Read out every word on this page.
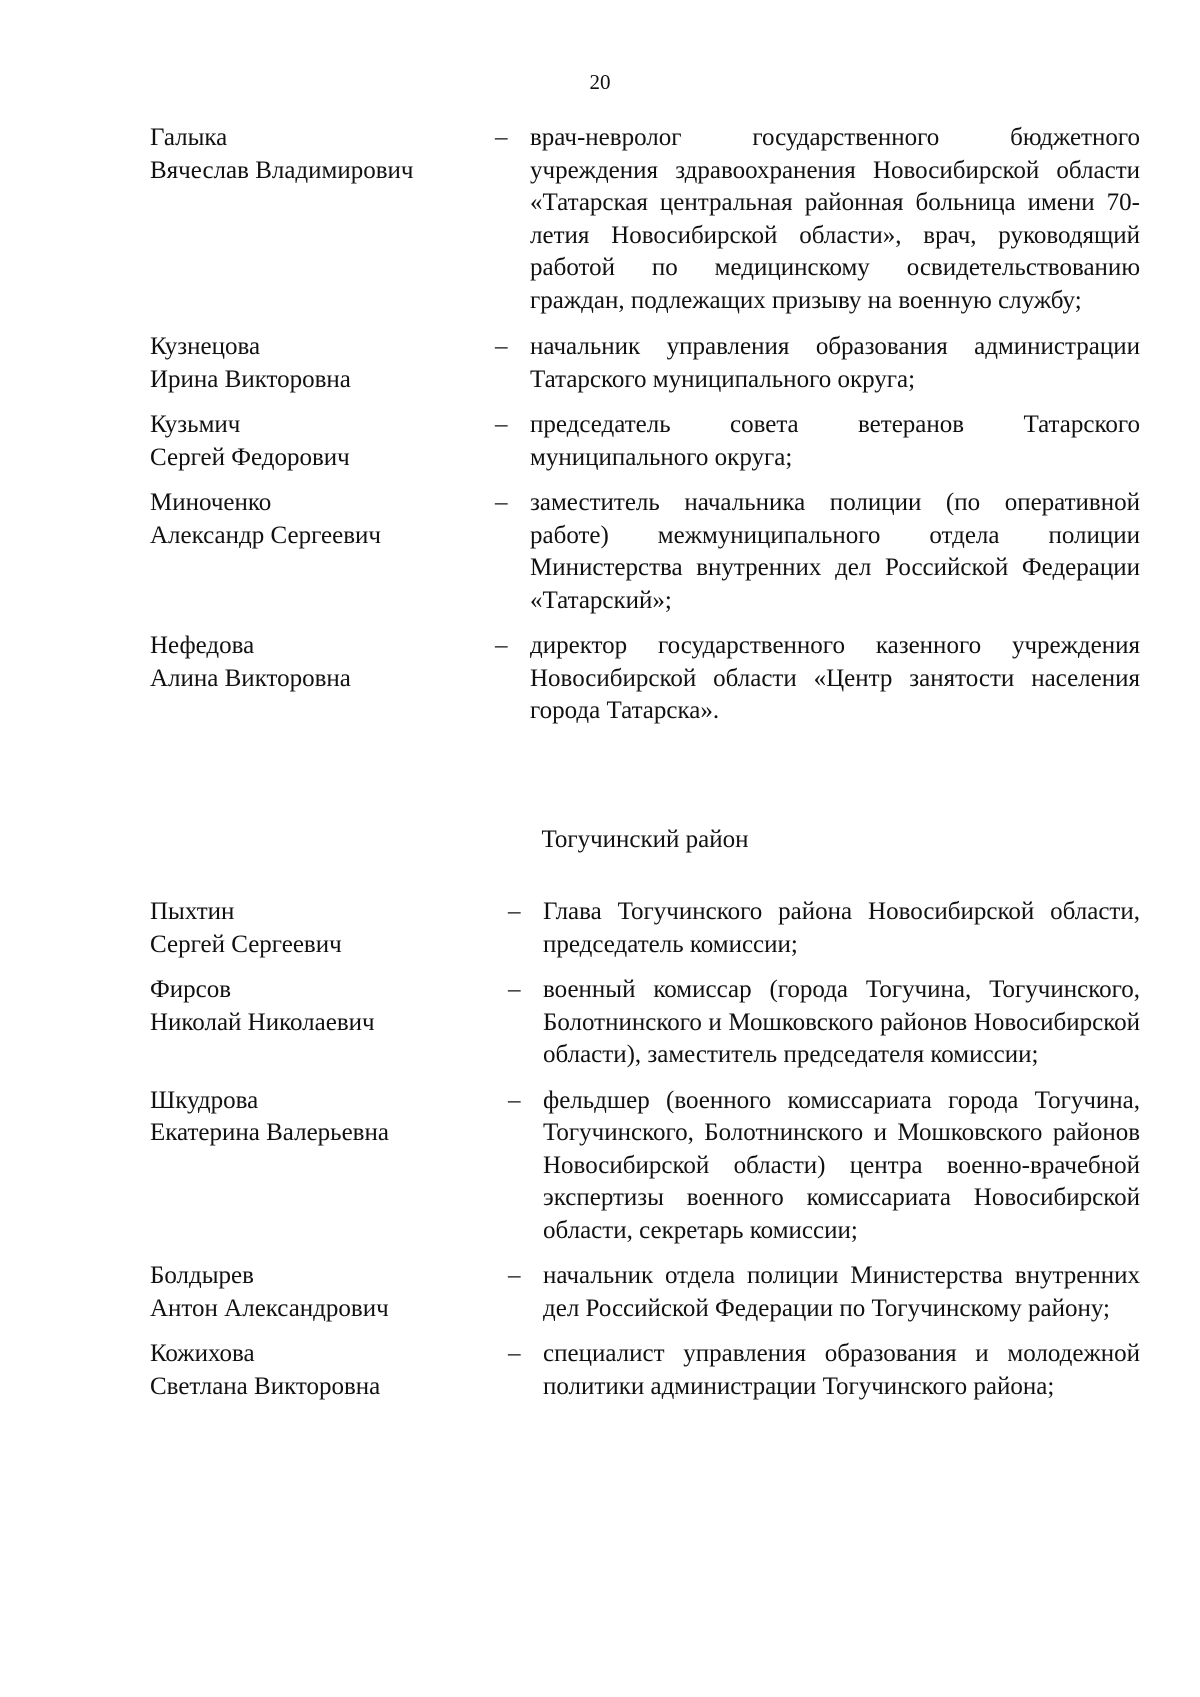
20
Галыка
Вячеслав Владимирович
– врач-невролог государственного бюджетного учреждения здравоохранения Новосибирской области «Татарская центральная районная больница имени 70-летия Новосибирской области», врач, руководящий работой по медицинскому освидетельствованию граждан, подлежащих призыву на военную службу;
Кузнецова
Ирина Викторовна
– начальник управления образования администрации Татарского муниципального округа;
Кузьмич
Сергей Федорович
– председатель совета ветеранов Татарского муниципального округа;
Миноченко
Александр Сергеевич
– заместитель начальника полиции (по оперативной работе) межмуниципального отдела полиции Министерства внутренних дел Российской Федерации «Татарский»;
Нефедова
Алина Викторовна
– директор государственного казенного учреждения Новосибирской области «Центр занятости населения города Татарска».
Тогучинский район
Пыхтин
Сергей Сергеевич
– Глава Тогучинского района Новосибирской области, председатель комиссии;
Фирсов
Николай Николаевич
– военный комиссар (города Тогучина, Тогучинского, Болотнинского и Мошковского районов Новосибирской области), заместитель председателя комиссии;
Шкудрова
Екатерина Валерьевна
– фельдшер (военного комиссариата города Тогучина, Тогучинского, Болотнинского и Мошковского районов Новосибирской области) центра военно-врачебной экспертизы военного комиссариата Новосибирской области, секретарь комиссии;
Болдырев
Антон Александрович
– начальник отдела полиции Министерства внутренних дел Российской Федерации по Тогучинскому району;
Кожихова
Светлана Викторовна
– специалист управления образования и молодежной политики администрации Тогучинского района;
